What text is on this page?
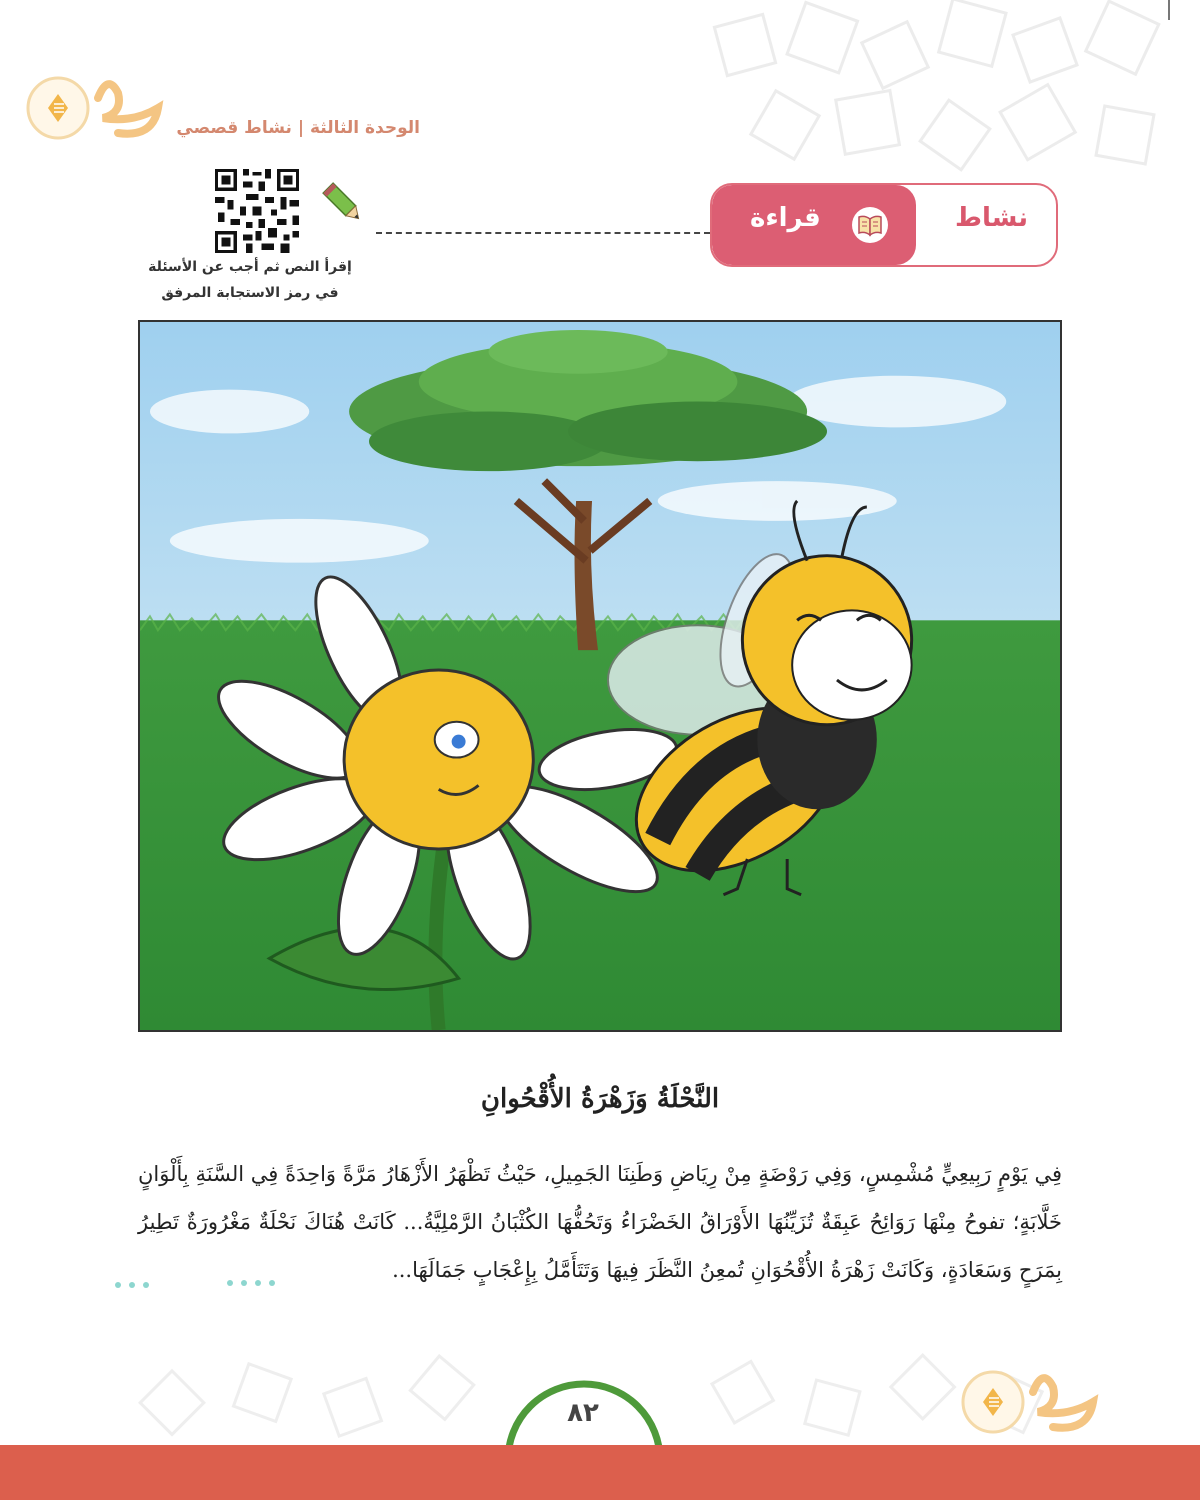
الوحدة الثالثة | نشاط قصصي
إقرأ النص ثم أجب عن الأسئلة
في رمز الاستجابة المرفق
قراءة	نشاط
النَّحْلَةُ وَزَهْرَةُ الأُقْحُوانِ
فِي يَوْمٍ رَبِيعِيٍّ مُشْمِسٍ، وَفِي رَوْضَةٍ مِنْ رِيَاضِ وَطَنِنَا الجَمِيلِ، حَيْثُ تَظْهَرُ الأَزْهَارُ مَرَّةً وَاحِدَةً فِي السَّنَةِ بِأَلْوَانٍ خَلَّابَةٍ؛ تفوحُ مِنْهَا رَوَائِحُ عَبِقَةٌ تُزَيِّنُهَا الأَوْرَاقُ الخَضْرَاءُ وَتَحُفُّهَا الكُثْبَانُ الرَّمْلِيَّةُ... كَانَتْ هُنَاكَ نَحْلَةٌ مَغْرُورَةٌ تَطِيرُ بِمَرَحٍ وَسَعَادَةٍ، وَكَانَتْ زَهْرَةُ الأُقْحُوَانِ تُمعِنُ النَّظَرَ فِيهَا وَتَتَأَمَّلُ بِإِعْجَابٍ جَمَالَهَا...
٨٢
